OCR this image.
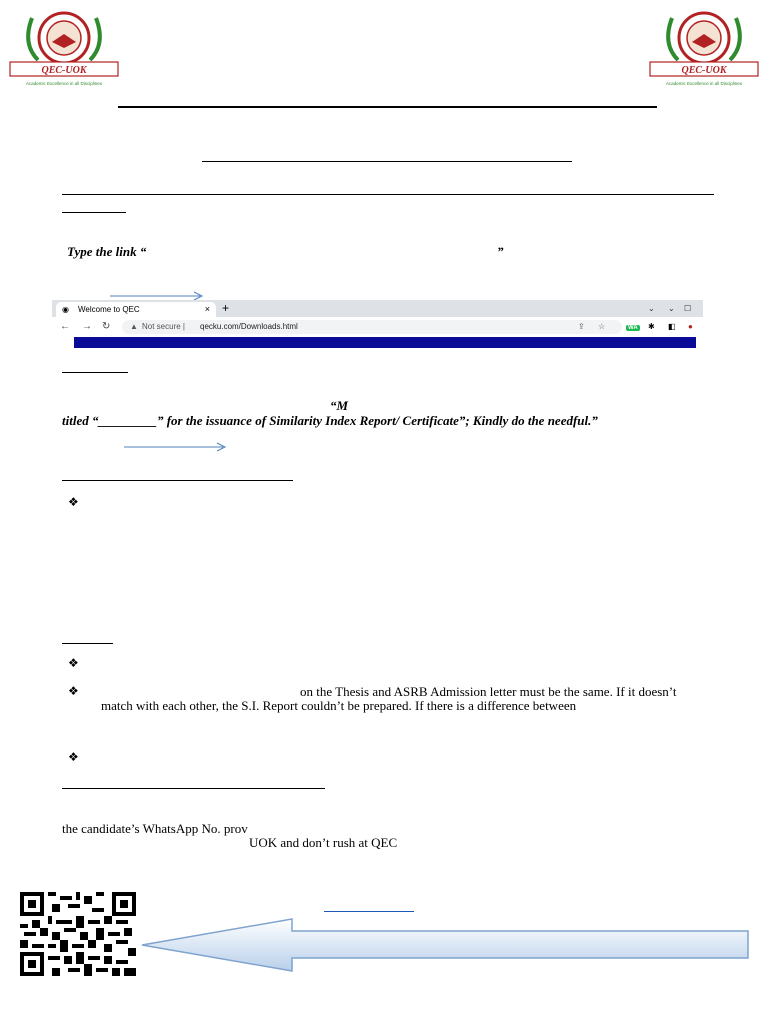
QEC-UOK
Academic Excellence in all Disciplines
QEC-UOK
Academic Excellence in all Disciplines
Type the link “	”
◉ Welcome to QEC	× +	⌄ ⌄ ☐
← → ↻ ▲ Not secure | qecku.com/Downloads.html	⇪ ☆	WA ✱ ◧ ●
“M
titled “_________” for the issuance of Similarity Index Report/ Certificate”; Kindly do the needful.”
❖
❖
❖	on the Thesis and ASRB Admission letter must be the same. If it doesn’t
match with each other, the S.I. Report couldn’t be prepared. If there is a difference between
❖
the candidate’s WhatsApp No. prov
UOK and don’t rush at QEC
